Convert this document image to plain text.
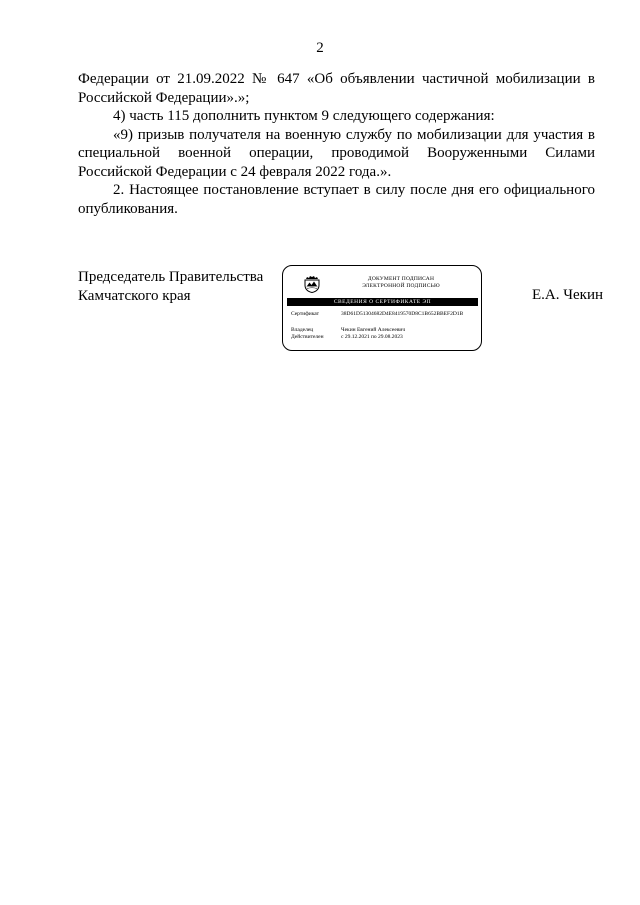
2

Федерации от 21.09.2022 № 647 «Об объявлении частичной мобилизации в Российской Федерации».»;

4) часть 115 дополнить пунктом 9 следующего содержания:

«9) призыв получателя на военную службу по мобилизации для участия в специальной военной операции, проводимой Вооруженными Силами Российской Федерации с 24 февраля 2022 года.».

2. Настоящее постановление вступает в силу после дня его официального опубликования.

Председатель Правительства
Камчатского края
ДОКУМЕНТ ПОДПИСАН
ЭЛЕКТРОННОЙ ПОДПИСЬЮ
СВЕДЕНИЯ О СЕРТИФИКАТЕ ЭП
Сертификат	38D61D51304682D4E8419570D8C1B652BBEF2D1B
Владелец	Чекин Евгений Алексеевич
Действителен	с 29.12.2021 по 29.08.2023
Е.А. Чекин
